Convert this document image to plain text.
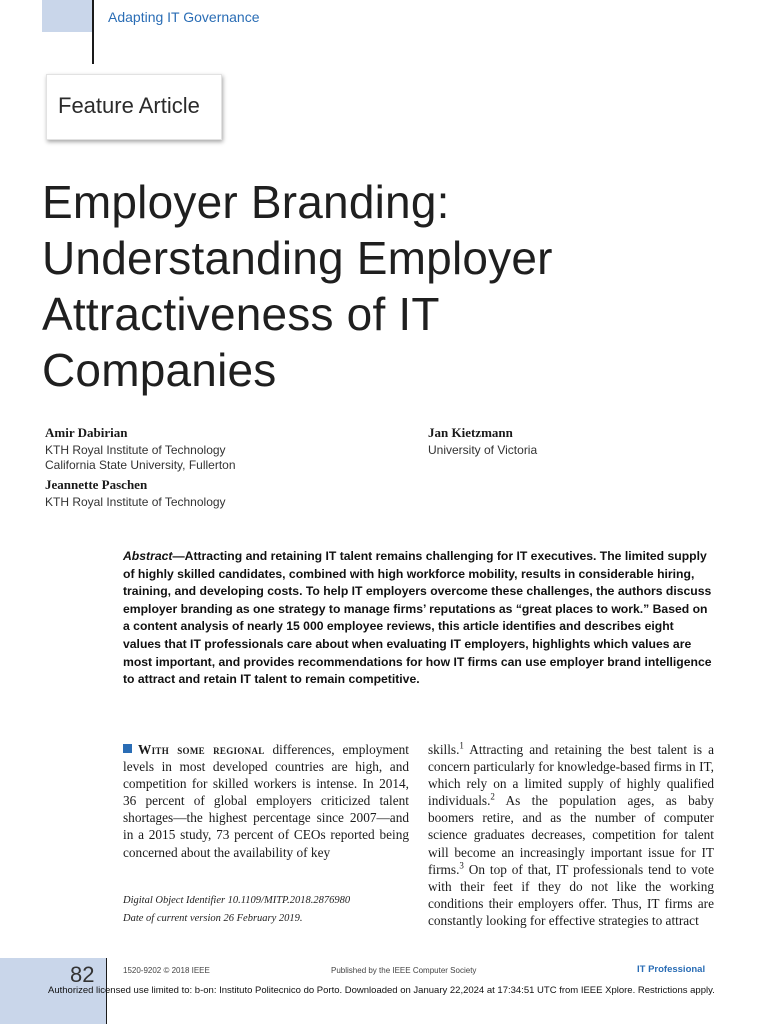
Adapting IT Governance
Feature Article
Employer Branding:
Understanding Employer
Attractiveness of IT
Companies
Amir Dabirian
KTH Royal Institute of Technology
California State University, Fullerton
Jeannette Paschen
KTH Royal Institute of Technology
Jan Kietzmann
University of Victoria
Abstract—Attracting and retaining IT talent remains challenging for IT executives. The limited supply of highly skilled candidates, combined with high workforce mobility, results in considerable hiring, training, and developing costs. To help IT employers overcome these challenges, the authors discuss employer branding as one strategy to manage firms’ reputations as “great places to work.” Based on a content analysis of nearly 15 000 employee reviews, this article identifies and describes eight values that IT professionals care about when evaluating IT employers, highlights which values are most important, and provides recommendations for how IT firms can use employer brand intelligence to attract and retain IT talent to remain competitive.
With some regional differences, employment levels in most developed countries are high, and competition for skilled workers is intense. In 2014, 36 percent of global employers criticized talent shortages—the highest percentage since 2007—and in a 2015 study, 73 percent of CEOs reported being concerned about the availability of key
skills.$^1$ Attracting and retaining the best talent is a concern particularly for knowledge-based firms in IT, which rely on a limited supply of highly qualified individuals.$^2$ As the population ages, as baby boomers retire, and as the number of computer science graduates decreases, competition for talent will become an increasingly important issue for IT firms.$^3$ On top of that, IT professionals tend to vote with their feet if they do not like the working conditions their employers offer. Thus, IT firms are constantly looking for effective strategies to attract
Digital Object Identifier 10.1109/MITP.2018.2876980
Date of current version 26 February 2019.
82	1520-9202 © 2018 IEEE	Published by the IEEE Computer Society	IT Professional
Authorized licensed use limited to: b-on: Instituto Politecnico do Porto. Downloaded on January 22,2024 at 17:34:51 UTC from IEEE Xplore. Restrictions apply.
